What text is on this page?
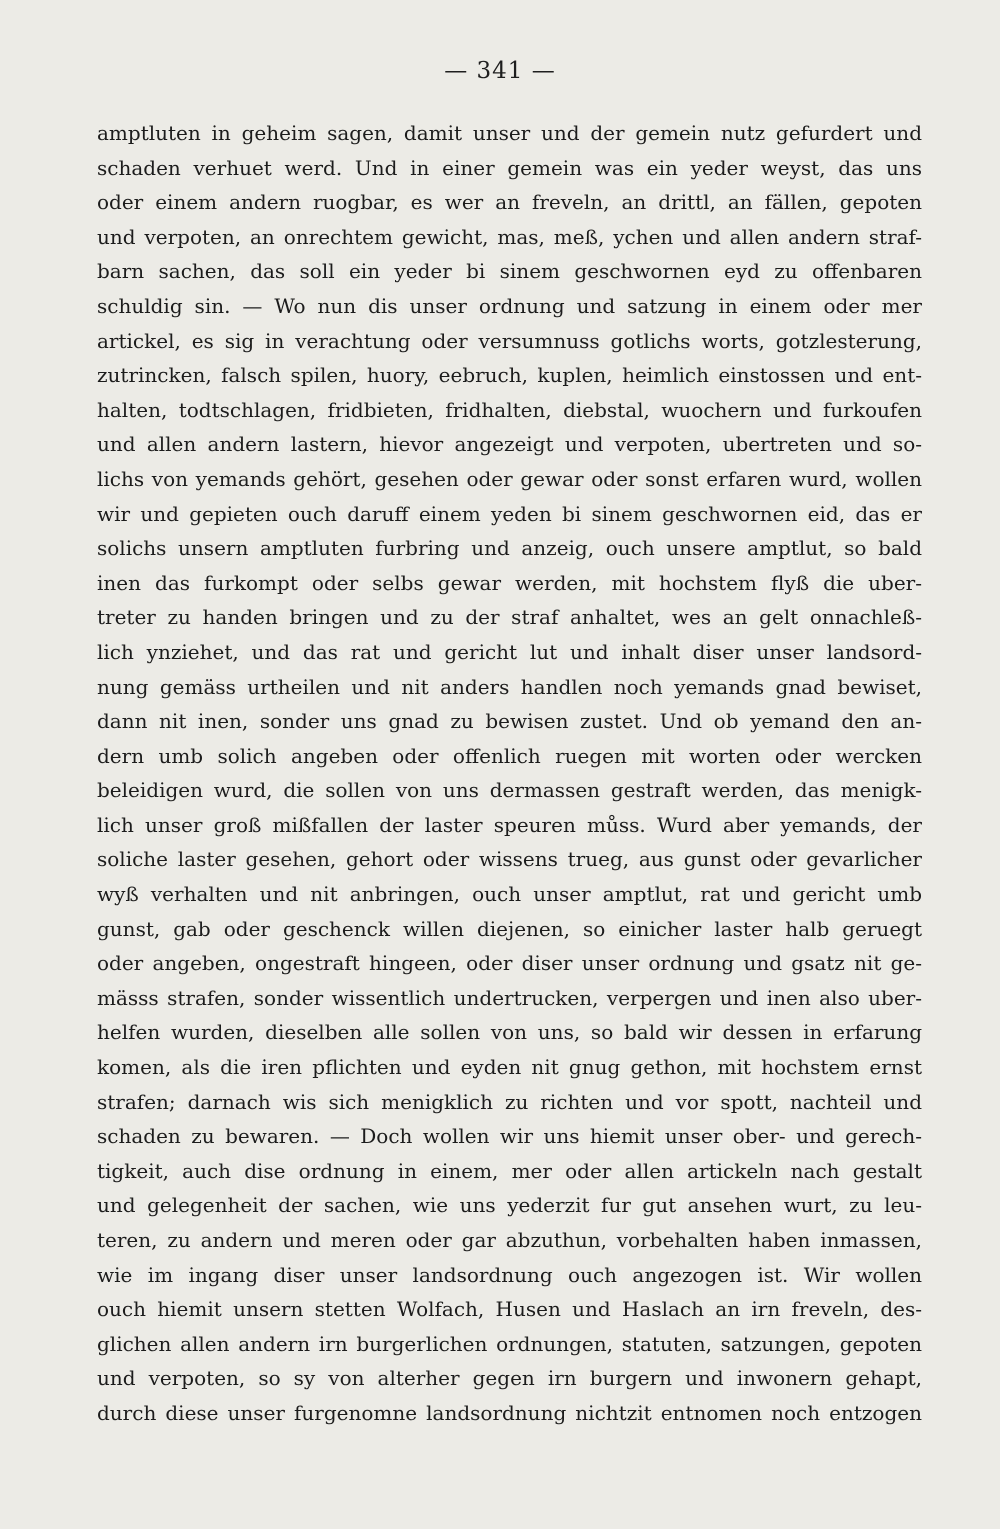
— 341 —
amptluten in geheim sagen, damit unser und der gemein nutz gefurdert und
schaden verhuet werd. Und in einer gemein was ein yeder weyst, das uns
oder einem andern ruogbar, es wer an freveln, an drittl, an fällen, gepoten
und verpoten, an onrechtem gewicht, mas, meß, ychen und allen andern straf-
barn sachen, das soll ein yeder bi sinem geschwornen eyd zu offenbaren
schuldig sin. — Wo nun dis unser ordnung und satzung in einem oder mer
artickel, es sig in verachtung oder versumnuss gotlichs worts, gotzlesterung,
zutrincken, falsch spilen, huory, eebruch, kuplen, heimlich einstossen und ent-
halten, todtschlagen, fridbieten, fridhalten, diebstal, wuochern und furkoufen
und allen andern lastern, hievor angezeigt und verpoten, ubertreten und so-
lichs von yemands gehört, gesehen oder gewar oder sonst erfaren wurd, wollen
wir und gepieten ouch daruff einem yeden bi sinem geschwornen eid, das er
solichs unsern amptluten furbring und anzeig, ouch unsere amptlut, so bald
inen das furkompt oder selbs gewar werden, mit hochstem flyß die uber-
treter zu handen bringen und zu der straf anhaltet, wes an gelt onnachleß-
lich ynziehet, und das rat und gericht lut und inhalt diser unser landsord-
nung gemäss urtheilen und nit anders handlen noch yemands gnad bewiset,
dann nit inen, sonder uns gnad zu bewisen zustet. Und ob yemand den an-
dern umb solich angeben oder offenlich ruegen mit worten oder wercken
beleidigen wurd, die sollen von uns dermassen gestraft werden, das menigk-
lich unser groß mißfallen der laster speuren můss. Wurd aber yemands, der
soliche laster gesehen, gehort oder wissens trueg, aus gunst oder gevarlicher
wyß verhalten und nit anbringen, ouch unser amptlut, rat und gericht umb
gunst, gab oder geschenck willen diejenen, so einicher laster halb geruegt
oder angeben, ongestraft hingeen, oder diser unser ordnung und gsatz nit ge-
mässs strafen, sonder wissentlich undertrucken, verpergen und inen also uber-
helfen wurden, dieselben alle sollen von uns, so bald wir dessen in erfarung
komen, als die iren pflichten und eyden nit gnug gethon, mit hochstem ernst
strafen; darnach wis sich menigklich zu richten und vor spott, nachteil und
schaden zu bewaren. — Doch wollen wir uns hiemit unser ober- und gerech-
tigkeit, auch dise ordnung in einem, mer oder allen artickeln nach gestalt
und gelegenheit der sachen, wie uns yederzit fur gut ansehen wurt, zu leu-
teren, zu andern und meren oder gar abzuthun, vorbehalten haben inmassen,
wie im ingang diser unser landsordnung ouch angezogen ist. Wir wollen
ouch hiemit unsern stetten Wolfach, Husen und Haslach an irn freveln, des-
glichen allen andern irn burgerlichen ordnungen, statuten, satzungen, gepoten
und verpoten, so sy von alterher gegen irn burgern und inwonern gehapt,
durch diese unser furgenomne landsordnung nichtzit entnomen noch entzogen
